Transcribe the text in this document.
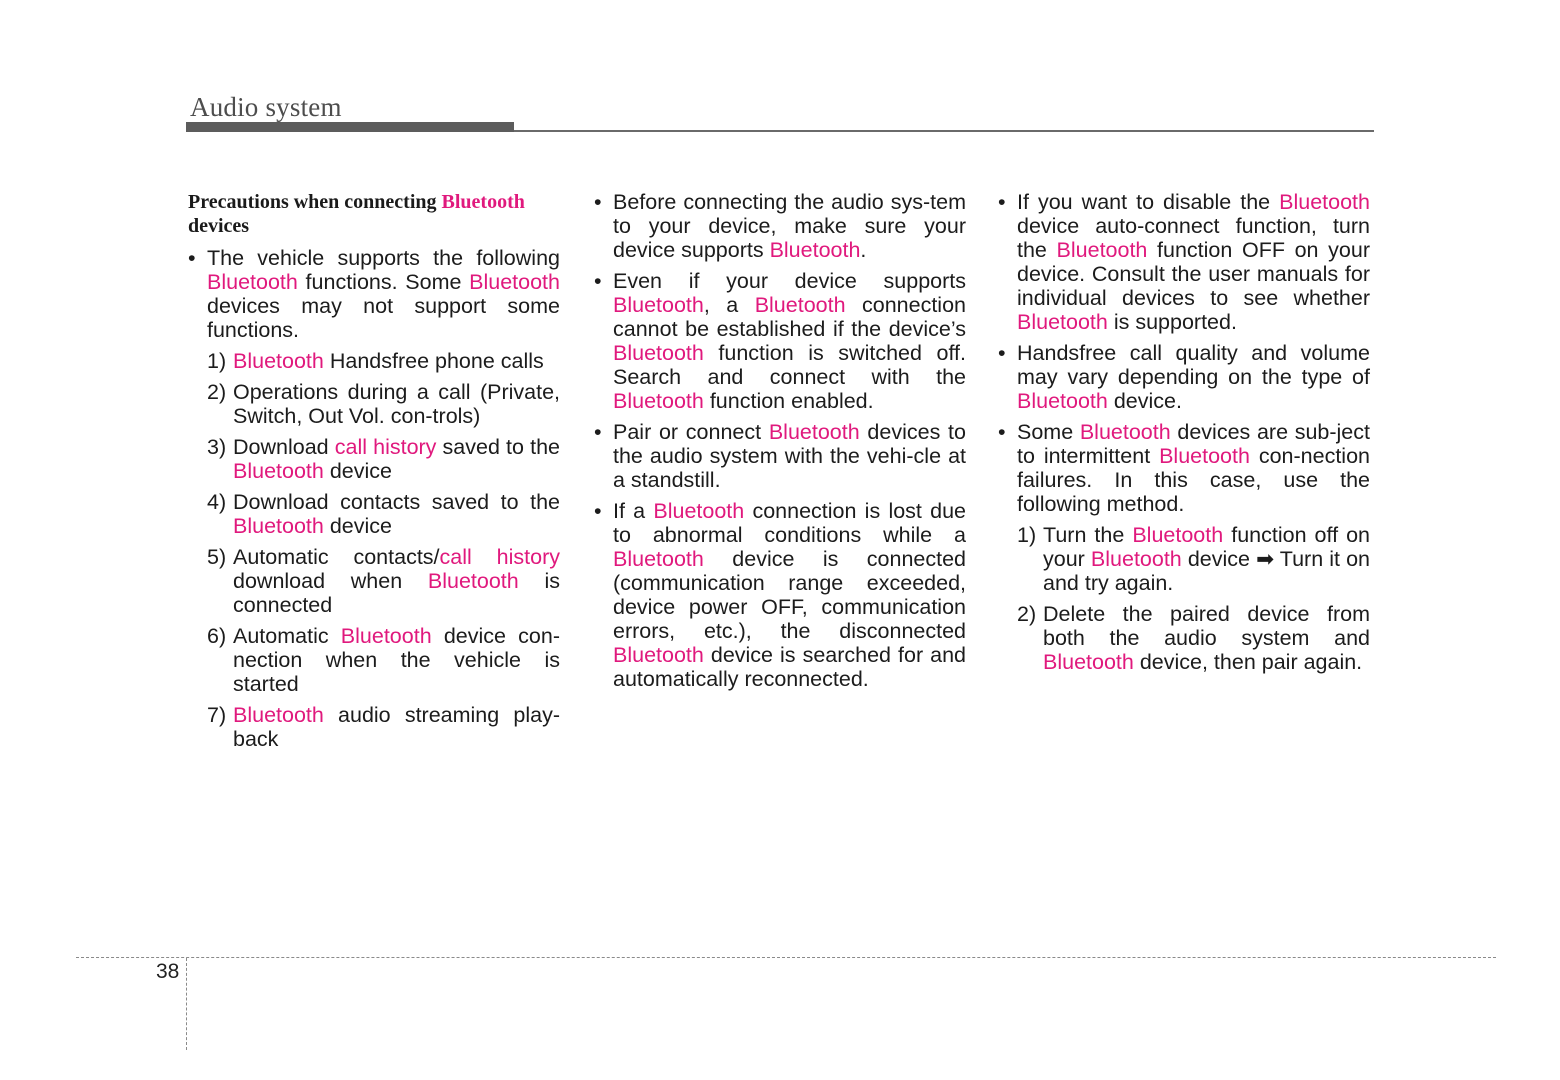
Audio system
Precautions when connecting Bluetooth
devices
• The vehicle supports the following Bluetooth functions. Some Bluetooth devices may not support some functions.
1) Bluetooth Handsfree phone calls
2) Operations during a call (Private, Switch, Out Vol. con-trols)
3) Download call history saved to the Bluetooth device
4) Download contacts saved to the Bluetooth device
5) Automatic contacts/call history download when Bluetooth is connected
6) Automatic Bluetooth device con-nection when the vehicle is started
7) Bluetooth audio streaming play-back
• Before connecting the audio sys-tem to your device, make sure your device supports Bluetooth.
• Even if your device supports Bluetooth, a Bluetooth connection cannot be established if the device’s Bluetooth function is switched off. Search and connect with the Bluetooth function enabled.
• Pair or connect Bluetooth devices to the audio system with the vehi-cle at a standstill.
• If a Bluetooth connection is lost due to abnormal conditions while a Bluetooth device is connected (communication range exceeded, device power OFF, communication errors, etc.), the disconnected Bluetooth device is searched for and automatically reconnected.
• If you want to disable the Bluetooth device auto-connect function, turn the Bluetooth function OFF on your device. Consult the user manuals for individual devices to see whether Bluetooth is supported.
• Handsfree call quality and volume may vary depending on the type of Bluetooth device.
• Some Bluetooth devices are sub-ject to intermittent Bluetooth con-nection failures. In this case, use the following method.
1) Turn the Bluetooth function off on your Bluetooth device ➡ Turn it on and try again.
2) Delete the paired device from both the audio system and Bluetooth device, then pair again.
38
